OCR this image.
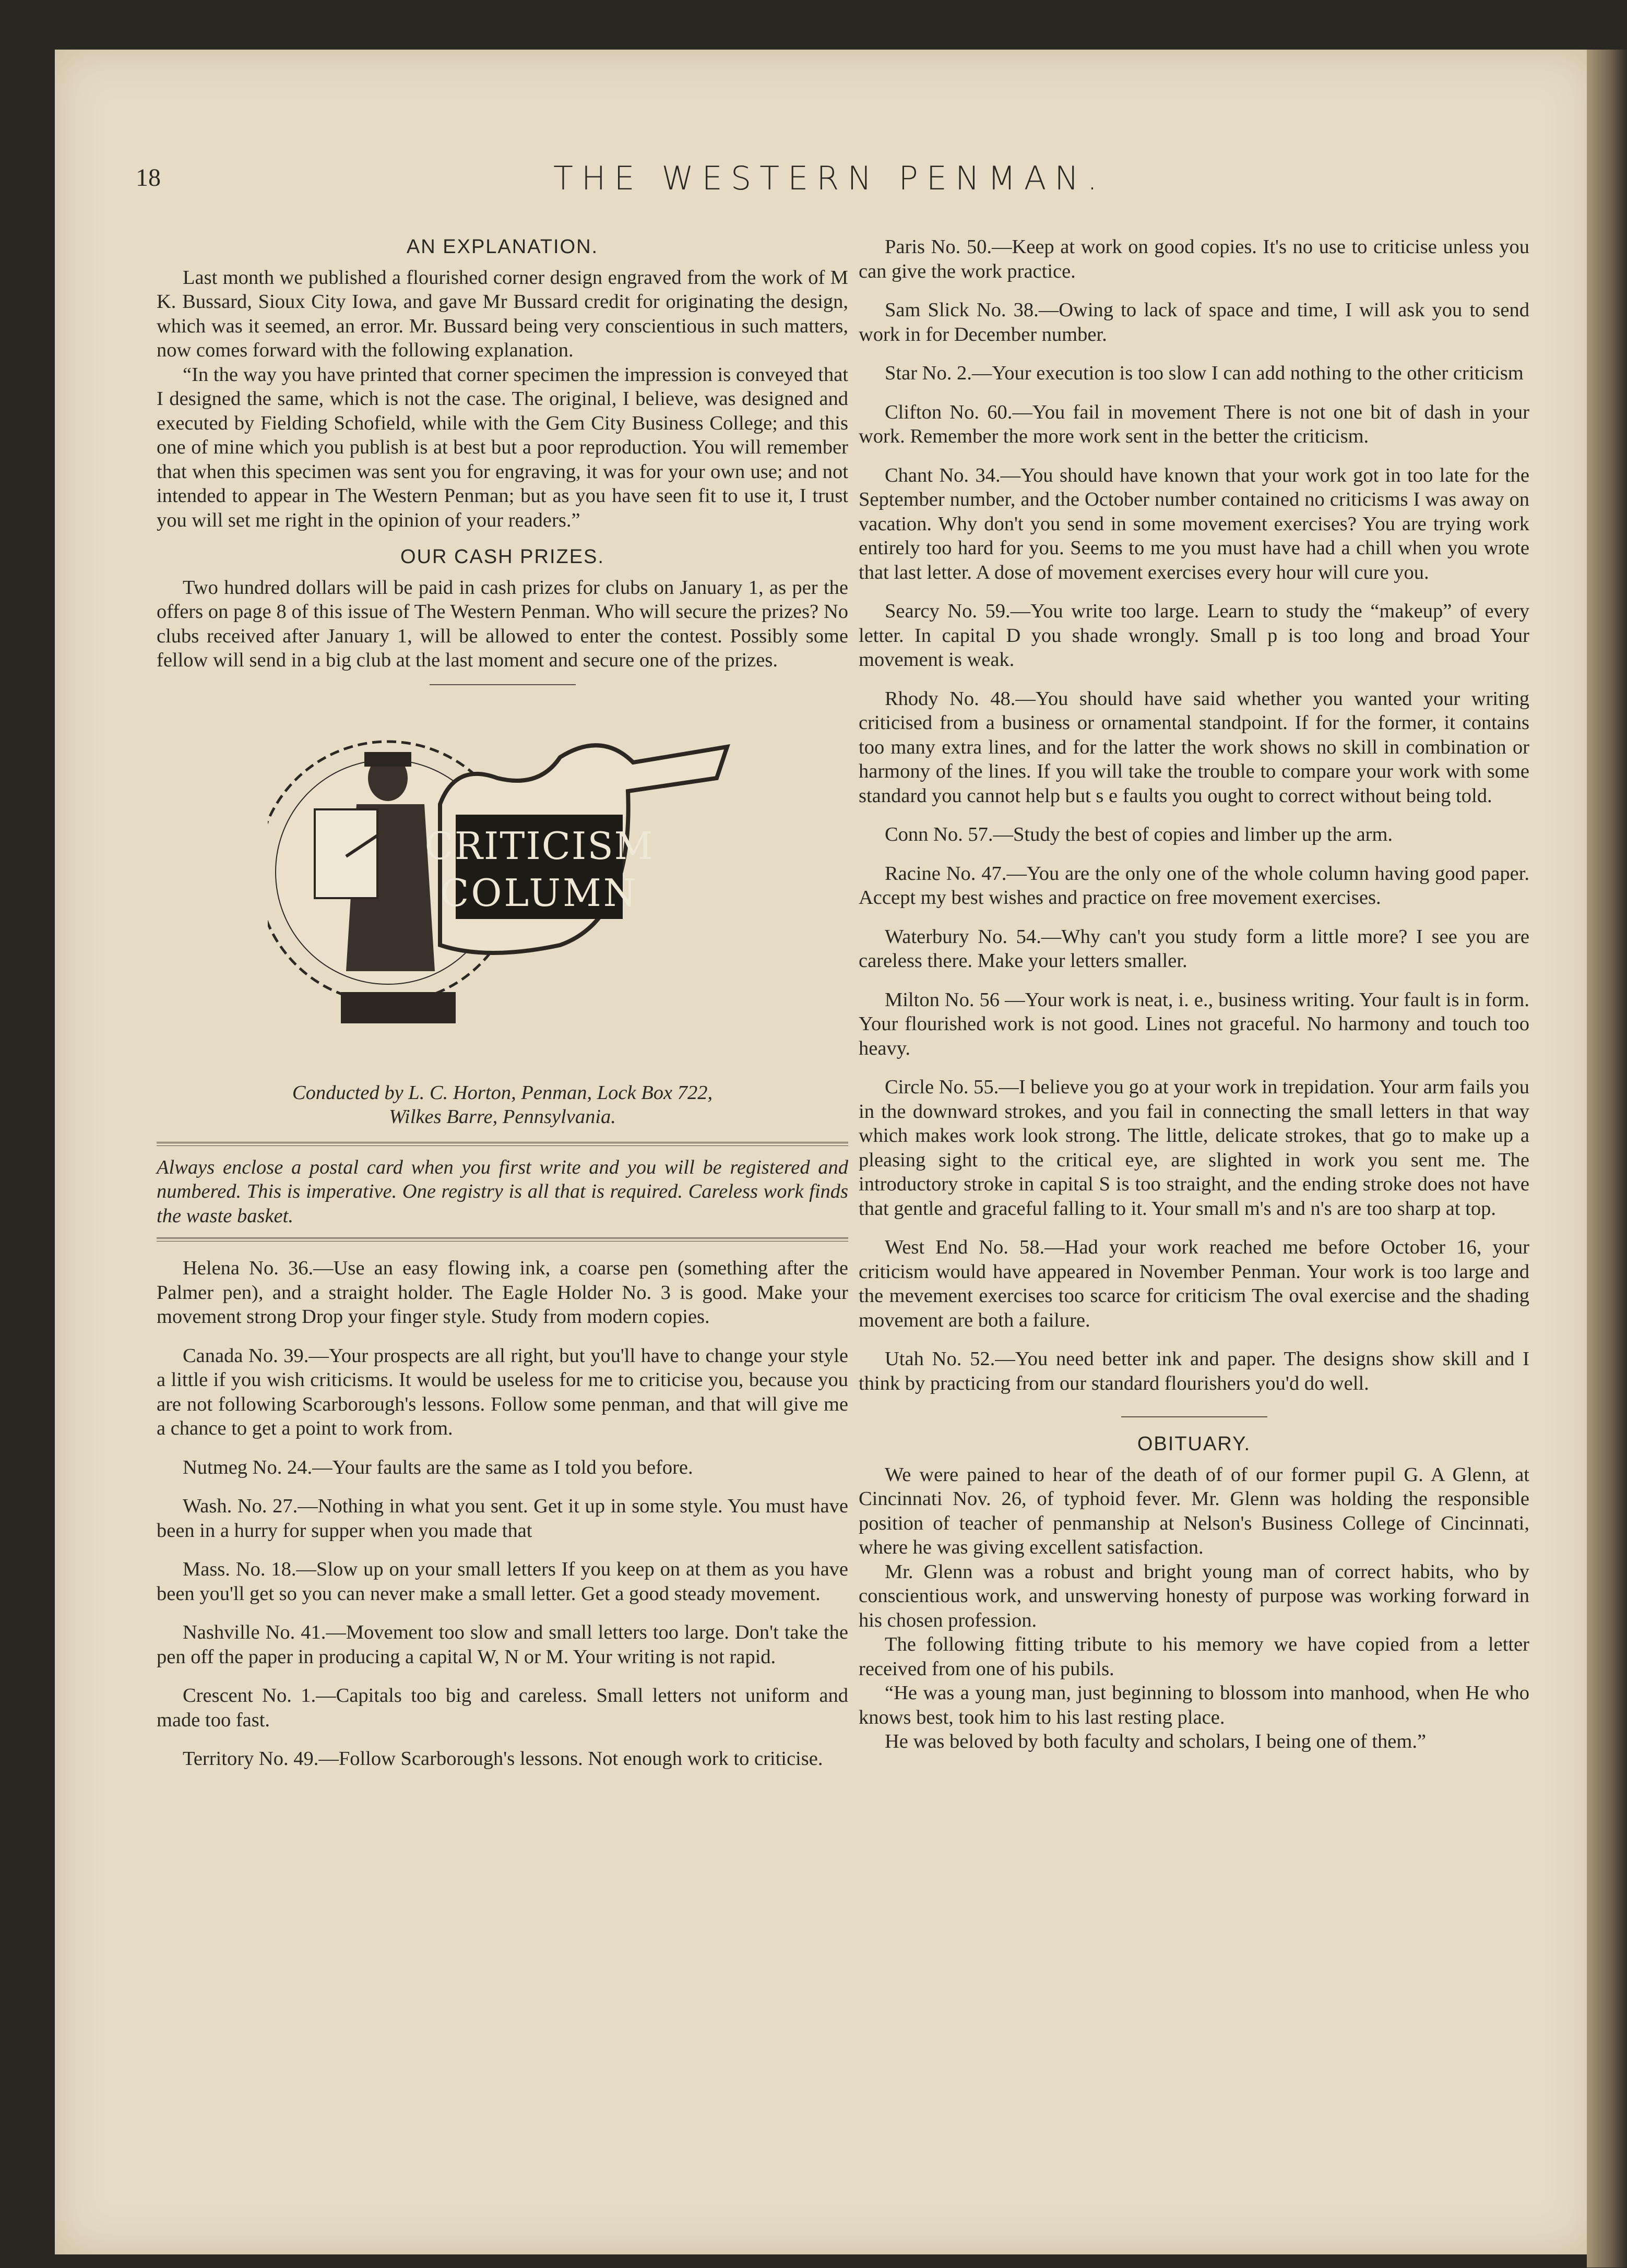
18	THE WESTERN PENMAN.
AN EXPLANATION.

Last month we published a flourished corner design engraved from the work of M K. Bussard, Sioux City Iowa, and gave Mr Bussard credit for originating the design, which was it seemed, an error. Mr. Bussard being very conscientious in such matters, now comes forward with the following explanation.

“In the way you have printed that corner specimen the impression is conveyed that I designed the same, which is not the case. The original, I believe, was designed and executed by Fielding Schofield, while with the Gem City Business College; and this one of mine which you publish is at best but a poor reproduction. You will remember that when this specimen was sent you for engraving, it was for your own use; and not intended to appear in The Western Penman; but as you have seen fit to use it, I trust you will set me right in the opinion of your readers.”

OUR CASH PRIZES.

Two hundred dollars will be paid in cash prizes for clubs on January 1, as per the offers on page 8 of this issue of The Western Penman. Who will secure the prizes? No clubs received after January 1, will be allowed to enter the contest. Possibly some fellow will send in a big club at the last moment and secure one of the prizes.

CRITICISM
COLUMN
Conducted by L. C. Horton, Penman, Lock Box 722,
Wilkes Barre, Pennsylvania.

Always enclose a postal card when you first write and you will be registered and numbered. This is imperative. One registry is all that is required. Careless work finds the waste basket.

Helena No. 36.—Use an easy flowing ink, a coarse pen (something after the Palmer pen), and a straight holder. The Eagle Holder No. 3 is good. Make your movement strong Drop your finger style. Study from modern copies.

Canada No. 39.—Your prospects are all right, but you'll have to change your style a little if you wish criticisms. It would be useless for me to criticise you, because you are not following Scarborough's lessons. Follow some penman, and that will give me a chance to get a point to work from.

Nutmeg No. 24.—Your faults are the same as I told you before.

Wash. No. 27.—Nothing in what you sent. Get it up in some style. You must have been in a hurry for supper when you made that

Mass. No. 18.—Slow up on your small letters If you keep on at them as you have been you'll get so you can never make a small letter. Get a good steady movement.

Nashville No. 41.—Movement too slow and small letters too large. Don't take the pen off the paper in producing a capital W, N or M. Your writing is not rapid.

Crescent No. 1.—Capitals too big and careless. Small letters not uniform and made too fast.

Territory No. 49.—Follow Scarborough's lessons. Not enough work to criticise.

Paris No. 50.—Keep at work on good copies. It's no use to criticise unless you can give the work practice.

Sam Slick No. 38.—Owing to lack of space and time, I will ask you to send work in for December number.

Star No. 2.—Your execution is too slow I can add nothing to the other criticism

Clifton No. 60.—You fail in movement There is not one bit of dash in your work. Remember the more work sent in the better the criticism.

Chant No. 34.—You should have known that your work got in too late for the September number, and the October number contained no criticisms I was away on vacation. Why don't you send in some movement exercises? You are trying work entirely too hard for you. Seems to me you must have had a chill when you wrote that last letter. A dose of movement exercises every hour will cure you.

Searcy No. 59.—You write too large. Learn to study the “makeup” of every letter. In capital D you shade wrongly. Small p is too long and broad Your movement is weak.

Rhody No. 48.—You should have said whether you wanted your writing criticised from a business or ornamental standpoint. If for the former, it contains too many extra lines, and for the latter the work shows no skill in combination or harmony of the lines. If you will take the trouble to compare your work with some standard you cannot help but s e faults you ought to correct without being told.

Conn No. 57.—Study the best of copies and limber up the arm.

Racine No. 47.—You are the only one of the whole column having good paper. Accept my best wishes and practice on free movement exercises.

Waterbury No. 54.—Why can't you study form a little more? I see you are careless there. Make your letters smaller.

Milton No. 56 —Your work is neat, i. e., business writing. Your fault is in form. Your flourished work is not good. Lines not graceful. No harmony and touch too heavy.

Circle No. 55.—I believe you go at your work in trepidation. Your arm fails you in the downward strokes, and you fail in connecting the small letters in that way which makes work look strong. The little, delicate strokes, that go to make up a pleasing sight to the critical eye, are slighted in work you sent me. The introductory stroke in capital S is too straight, and the ending stroke does not have that gentle and graceful falling to it. Your small m's and n's are too sharp at top.

West End No. 58.—Had your work reached me before October 16, your criticism would have appeared in November Penman. Your work is too large and the mevement exercises too scarce for criticism The oval exercise and the shading movement are both a failure.

Utah No. 52.—You need better ink and paper. The designs show skill and I think by practicing from our standard flourishers you'd do well.

OBITUARY.

We were pained to hear of the death of of our former pupil G. A Glenn, at Cincinnati Nov. 26, of typhoid fever. Mr. Glenn was holding the responsible position of teacher of penmanship at Nelson's Business College of Cincinnati, where he was giving excellent satisfaction.

Mr. Glenn was a robust and bright young man of correct habits, who by conscientious work, and unswerving honesty of purpose was working forward in his chosen profession.

The following fitting tribute to his memory we have copied from a letter received from one of his pubils.

“He was a young man, just beginning to blossom into manhood, when He who knows best, took him to his last resting place.

He was beloved by both faculty and scholars, I being one of them.”
